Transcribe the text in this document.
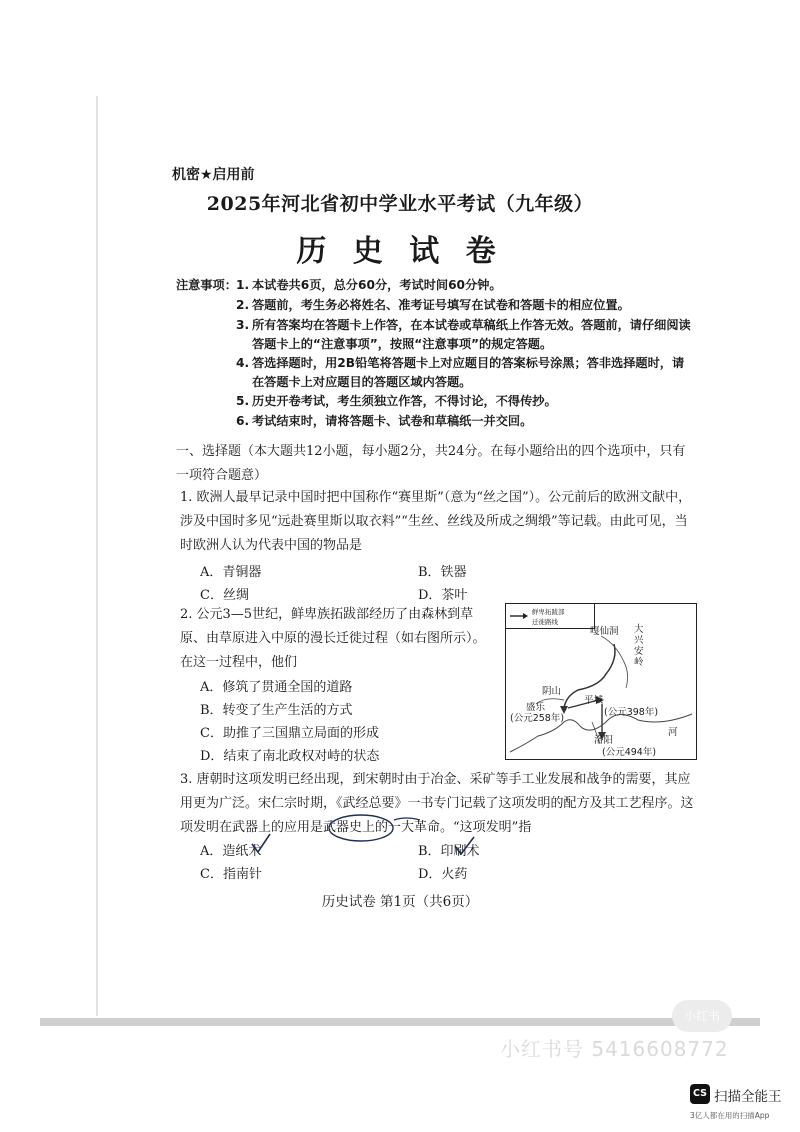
机密★启用前
2025年河北省初中学业水平考试（九年级）
历 史 试 卷
注意事项： 1. 本试卷共6页，总分60分，考试时间60分钟。
2. 答题前，考生务必将姓名、准考证号填写在试卷和答题卡的相应位置。
3. 所有答案均在答题卡上作答，在本试卷或草稿纸上作答无效。答题前，请仔细阅读答题卡上的“注意事项”，按照“注意事项”的规定答题。
4. 答选择题时，用2B铅笔将答题卡上对应题目的答案标号涂黑；答非选择题时，请在答题卡上对应题目的答题区域内答题。
5. 历史开卷考试，考生须独立作答，不得讨论，不得传抄。
6. 考试结束时，请将答题卡、试卷和草稿纸一并交回。
一、选择题（本大题共12小题，每小题2分，共24分。在每小题给出的四个选项中，只有一项符合题意）
1. 欧洲人最早记录中国时把中国称作“赛里斯”（意为“丝之国”）。公元前后的欧洲文献中，涉及中国时多见“远赴赛里斯以取衣料”“生丝、丝线及所成之绸缎”等记载。由此可见，当时欧洲人认为代表中国的物品是
A．青铜器	B．铁器
C．丝绸	D．茶叶
2. 公元3—5世纪，鲜卑族拓跋部经历了由森林到草原、由草原进入中原的漫长迁徙过程（如右图所示）。在这一过程中，他们
A．修筑了贯通全国的道路
B．转变了生产生活的方式
C．助推了三国鼎立局面的形成
D．结束了南北政权对峙的状态
鲜卑拓跋部
迁徙路线
嘎仙洞 大兴安岭
阴山
平城
盛乐
(公元258年)
(公元398年)
河
洛阳
(公元494年)
3. 唐朝时这项发明已经出现，到宋朝时由于冶金、采矿等手工业发展和战争的需要，其应用更为广泛。宋仁宗时期，《武经总要》一书专门记载了这项发明的配方及其工艺程序。这项发明在武器上的应用是武器史上的一大革命。“这项发明”指
A．造纸术	B．印刷术
C．指南针	D．火药
历史试卷 第1页（共6页）
小红书
小红书号 5416608772
CS 扫描全能王
3亿人都在用的扫描App
